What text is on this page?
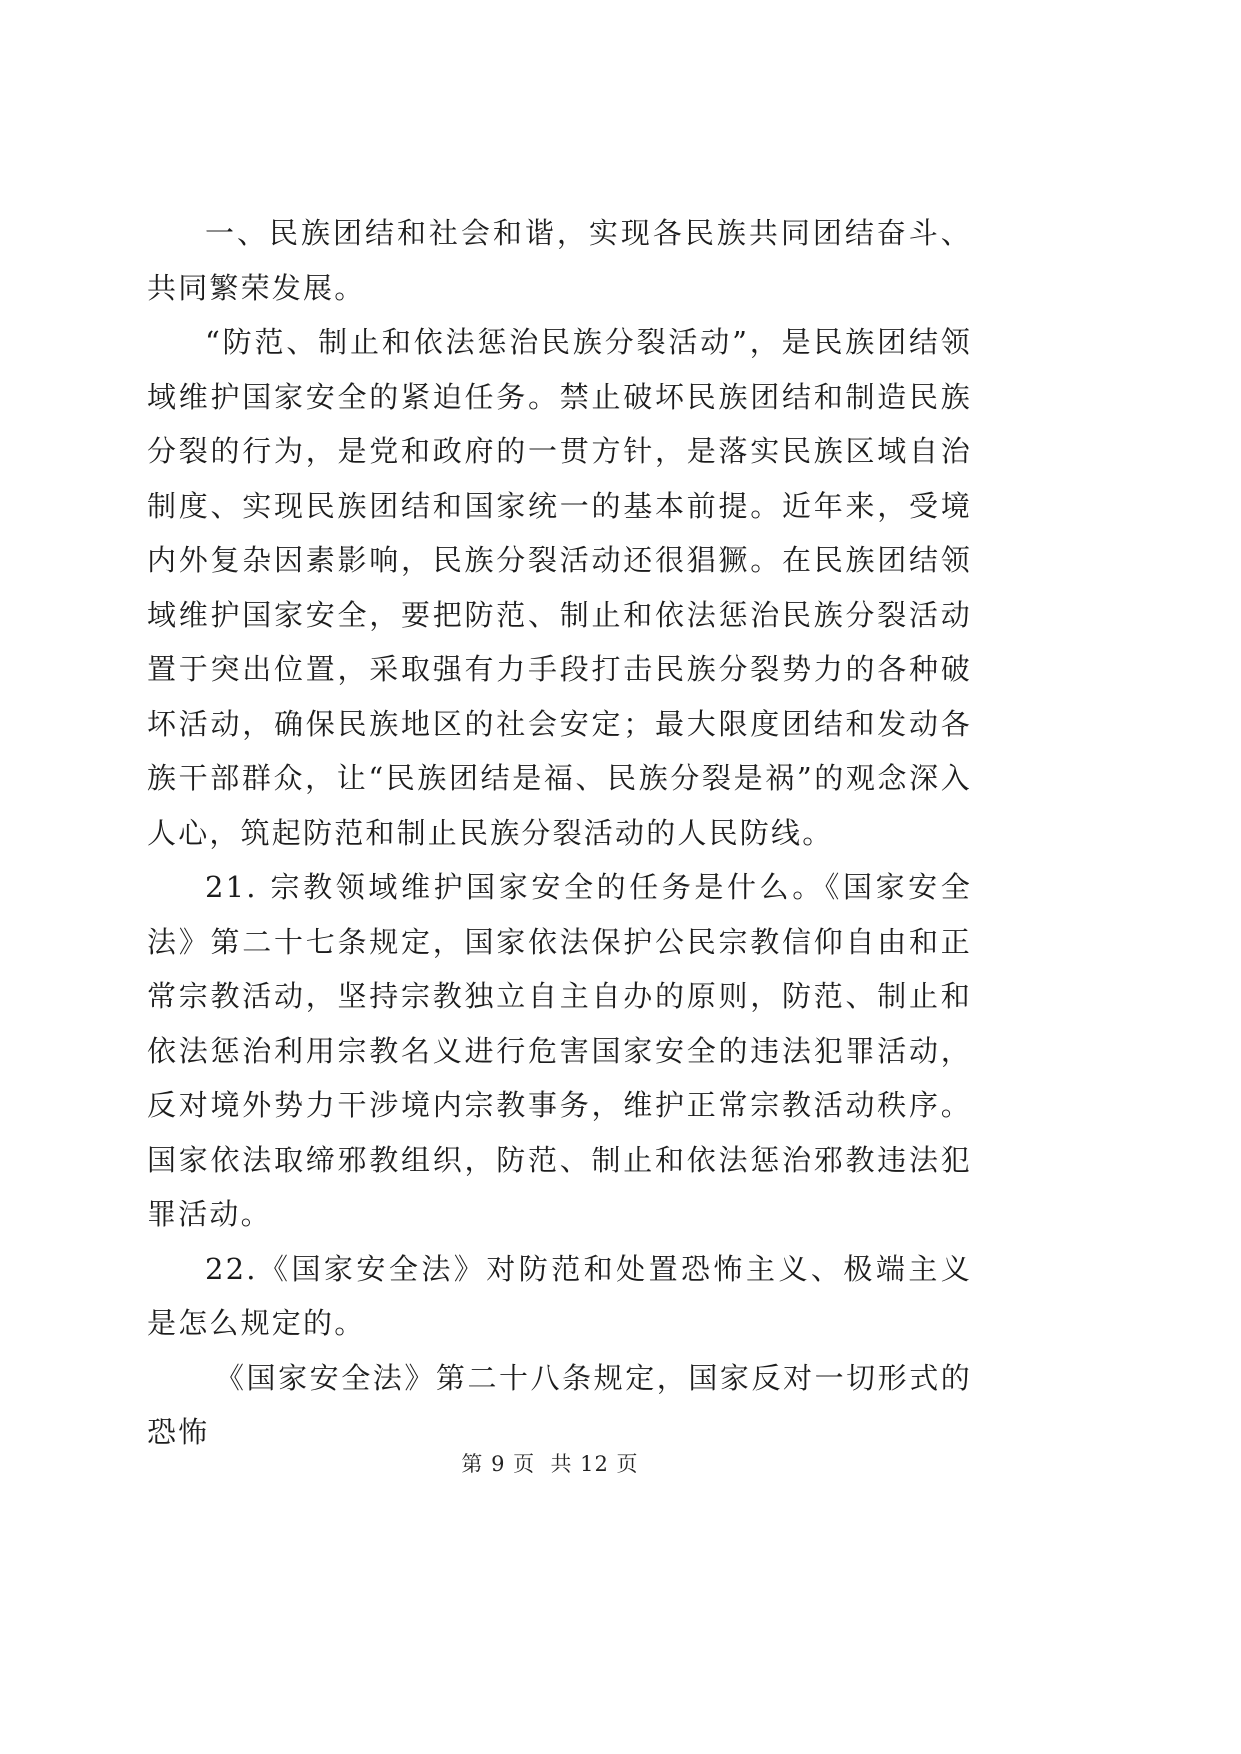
一、民族团结和社会和谐，实现各民族共同团结奋斗、共同繁荣发展。

“防范、制止和依法惩治民族分裂活动”，是民族团结领域维护国家安全的紧迫任务。禁止破坏民族团结和制造民族分裂的行为，是党和政府的一贯方针，是落实民族区域自治制度、实现民族团结和国家统一的基本前提。近年来，受境内外复杂因素影响，民族分裂活动还很猖獗。在民族团结领域维护国家安全，要把防范、制止和依法惩治民族分裂活动置于突出位置，采取强有力手段打击民族分裂势力的各种破坏活动，确保民族地区的社会安定；最大限度团结和发动各族干部群众，让“民族团结是福、民族分裂是祸”的观念深入人心，筑起防范和制止民族分裂活动的人民防线。

21. 宗教领域维护国家安全的任务是什么。《国家安全法》第二十七条规定，国家依法保护公民宗教信仰自由和正常宗教活动，坚持宗教独立自主自办的原则，防范、制止和依法惩治利用宗教名义进行危害国家安全的违法犯罪活动，反对境外势力干涉境内宗教事务，维护正常宗教活动秩序。国家依法取缔邪教组织，防范、制止和依法惩治邪教违法犯罪活动。

22.《国家安全法》对防范和处置恐怖主义、极端主义是怎么规定的。

《国家安全法》第二十八条规定，国家反对一切形式的恐怖

第 9 页  共 12 页
